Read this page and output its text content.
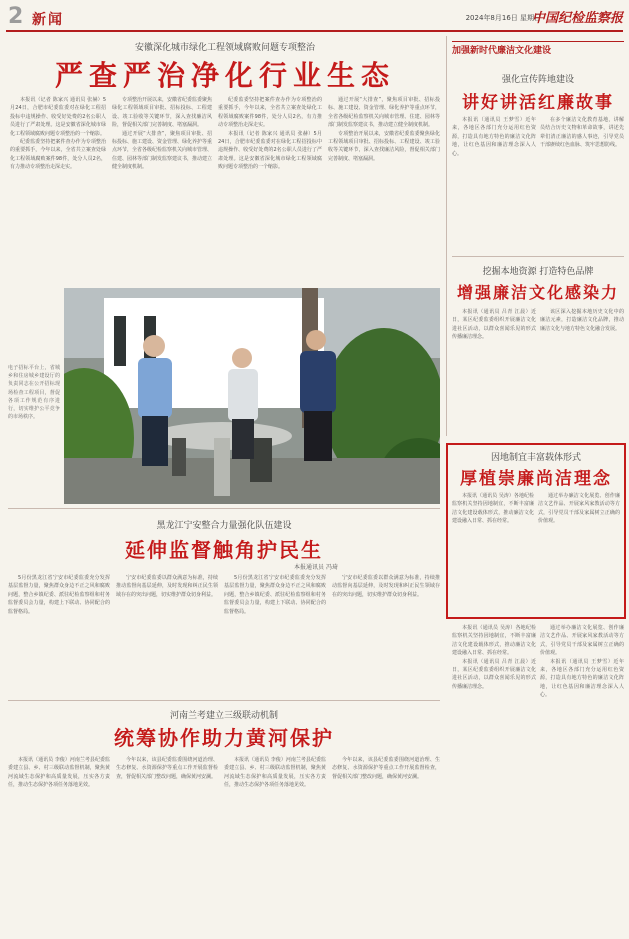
2 新闻	2024年8月16日 星期日
中国纪检监察报
安徽深化城市绿化工程领域腐败问题专项整治
严查严治净化行业生态

本报讯（记者 陈家兴 通讯员 张赫）5月24日，合肥市纪委监委对在绿化工程招投标中违规操作、收受好处费的2名公职人员进行了严肃处理。这是安徽省深化城市绿化工程领域腐败问题专项整治的一个缩影。

纪委监委坚持把案件查办作为专项整治的重要抓手，今年以来，全省共立案查处绿化工程领域腐败案件98件，处分人员2名，有力推动专项整治走深走实。

专项整治开展以来，安徽省纪委监委聚焦绿化工程领域项目审批、招标投标、工程建设、竣工验收等关键环节，深入查找廉洁风险，督促相关部门完善制度、堵塞漏洞。

通过开展“大排查”，聚焦项目审批、招标投标、施工建设、资金管理、绿化养护等重点环节，全省各级纪检监察机关向城市管理、住建、园林等部门制发监察建议书，推动建立健全制度机制。

纪委监委坚持把案件查办作为专项整治的重要抓手，今年以来，全省共立案查处绿化工程领域腐败案件98件，处分人员2名，有力推动专项整治走深走实。

本报讯（记者 陈家兴 通讯员 张赫）5月24日，合肥市纪委监委对在绿化工程招投标中违规操作、收受好处费的2名公职人员进行了严肃处理。这是安徽省深化城市绿化工程领域腐败问题专项整治的一个缩影。

通过开展“大排查”，聚焦项目审批、招标投标、施工建设、资金管理、绿化养护等重点环节，全省各级纪检监察机关向城市管理、住建、园林等部门制发监察建议书，推动建立健全制度机制。

专项整治开展以来，安徽省纪委监委聚焦绿化工程领域项目审批、招标投标、工程建设、竣工验收等关键环节，深入查找廉洁风险，督促相关部门完善制度、堵塞漏洞。

电子招标平台上，省城乡和住房城乡建设厅的负责同志在公开招标现场检查工程项目，督促各项工作规范有序进行，切实维护公平竞争的市场秩序。
加强新时代廉洁文化建设
强化宣传阵地建设
讲好讲活红廉故事

本报讯（通讯员 王梦雪）近年来，各地区各部门充分运用红色资源，打造具有地方特色的廉洁文化阵地，让红色基因和廉洁理念深入人心。

在多个廉洁文化教育基地，讲解员结合历史文物和革命故事，讲述先辈们清正廉洁的感人事迹，引导党员干部赓续红色血脉、筑牢思想防线。

挖掘本地资源 打造特色品牌
增强廉洁文化感染力

本报讯（通讯员 吕青 江晨）近日，某区纪委监委组织开展廉洁文化进社区活动，以群众喜闻乐见的形式传播廉洁理念。

该区深入挖掘本地历史文化中的廉洁元素，打造廉洁文化品牌，推动廉洁文化与地方特色文化融合发展。

因地制宜丰富载体形式
厚植崇廉尚洁理念

本报讯（通讯员 吴涛）各地纪检监察机关坚持因地制宜，不断丰富廉洁文化建设载体形式，推动廉洁文化建设融入日常、抓在经常。

通过举办廉洁文化展览、创作廉洁文艺作品、开展家风家教活动等方式，引导党员干部及家属树立正确的价值观。

黑龙江宁安整合力量强化队伍建设
延伸监督触角护民生
本报通讯员 冯琦

5月份黑龙江省宁安市纪委监委充分发挥基层监督力量，聚焦群众身边不正之风和腐败问题，整合乡镇纪委、派驻纪检监察组和村务监督委员会力量，构建上下联动、协同配合的监督格局。

宁安市纪委监委以群众满意为标准，持续推动监督向基层延伸，及时发现和纠正民生领域存在的突出问题，切实维护群众切身利益。

5月份黑龙江省宁安市纪委监委充分发挥基层监督力量，聚焦群众身边不正之风和腐败问题，整合乡镇纪委、派驻纪检监察组和村务监督委员会力量，构建上下联动、协同配合的监督格局。

宁安市纪委监委以群众满意为标准，持续推动监督向基层延伸，及时发现和纠正民生领域存在的突出问题，切实维护群众切身利益。

本报讯（通讯员 吴涛）各地纪检监察机关坚持因地制宜，不断丰富廉洁文化建设载体形式，推动廉洁文化建设融入日常、抓在经常。

本报讯（通讯员 吕青 江晨）近日，某区纪委监委组织开展廉洁文化进社区活动，以群众喜闻乐见的形式传播廉洁理念。

通过举办廉洁文化展览、创作廉洁文艺作品、开展家风家教活动等方式，引导党员干部及家属树立正确的价值观。

本报讯（通讯员 王梦雪）近年来，各地区各部门充分运用红色资源，打造具有地方特色的廉洁文化阵地，让红色基因和廉洁理念深入人心。

河南兰考建立三级联动机制
统筹协作助力黄河保护

本报讯（通讯员 李俊）河南兰考县纪委监委建立县、乡、村三级联动监督机制，聚焦黄河流域生态保护和高质量发展，压实各方责任，推动生态保护各项任务落地见效。

今年以来，该县纪委监委围绕河道治理、生态修复、水资源保护等重点工作开展监督检查，督促相关部门整改问题，确保黄河安澜。

本报讯（通讯员 李俊）河南兰考县纪委监委建立县、乡、村三级联动监督机制，聚焦黄河流域生态保护和高质量发展，压实各方责任，推动生态保护各项任务落地见效。

今年以来，该县纪委监委围绕河道治理、生态修复、水资源保护等重点工作开展监督检查，督促相关部门整改问题，确保黄河安澜。
